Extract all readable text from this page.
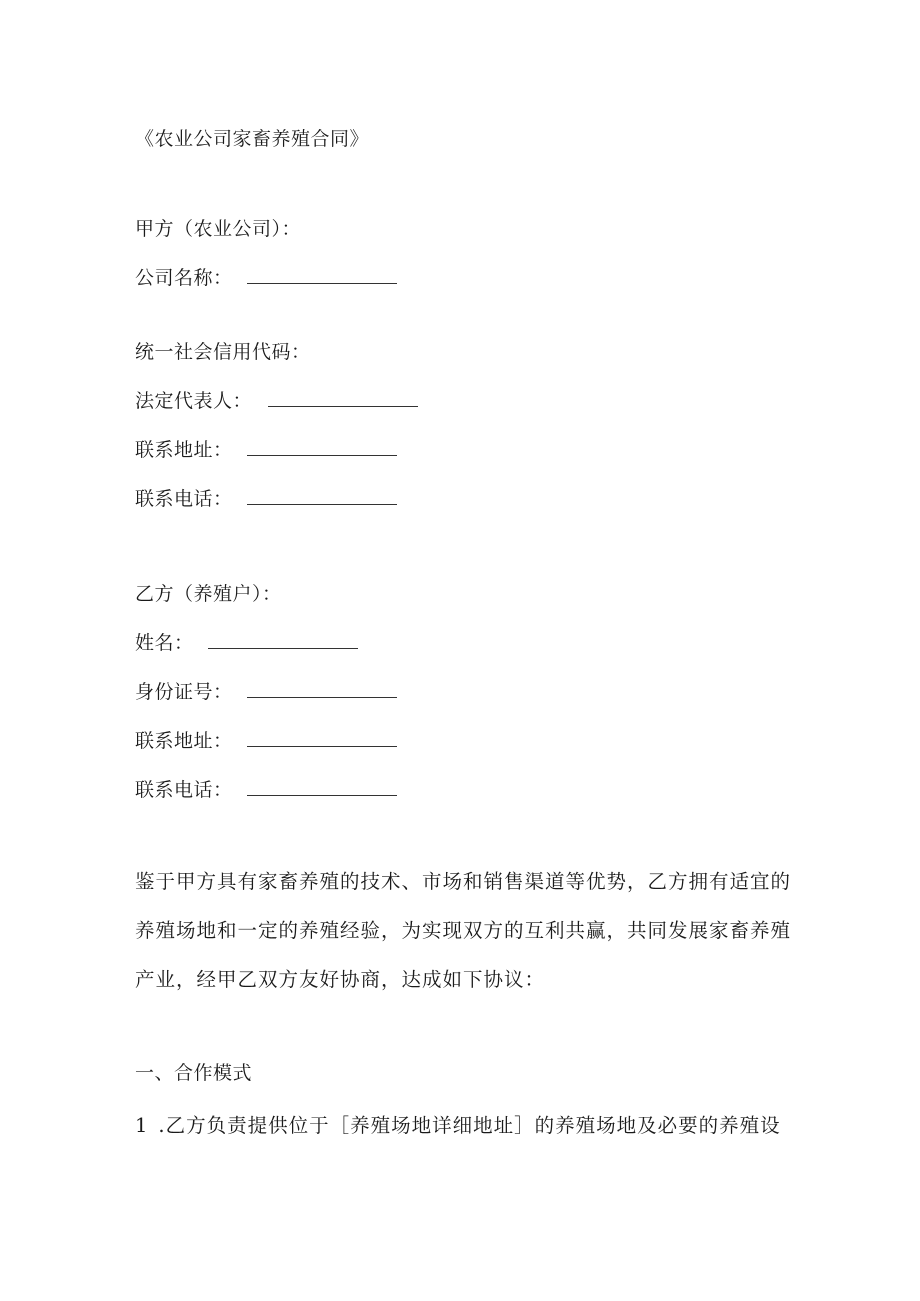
《农业公司家畜养殖合同》
甲方（农业公司）：
公司名称：
统一社会信用代码：
法定代表人：
联系地址：
联系电话：
乙方（养殖户）：
姓名：
身份证号：
联系地址：
联系电话：
鉴于甲方具有家畜养殖的技术、市场和销售渠道等优势，乙方拥有适宜的
养殖场地和一定的养殖经验，为实现双方的互利共赢，共同发展家畜养殖
产业，经甲乙双方友好协商，达成如下协议：
一、合作模式
1 .乙方负责提供位于［养殖场地详细地址］的养殖场地及必要的养殖设
